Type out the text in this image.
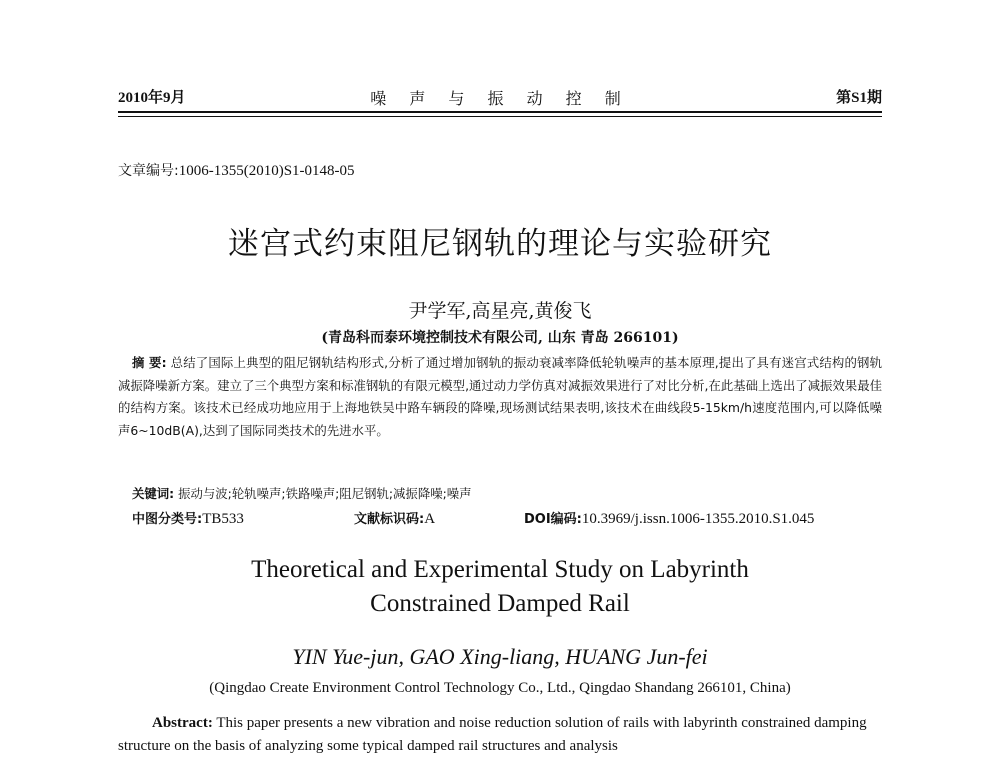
2010年9月	噪 声 与 振 动 控 制	第S1期
文章编号:1006-1355(2010)S1-0148-05
迷宫式约束阻尼钢轨的理论与实验研究
尹学军,高星亮,黄俊飞
(青岛科而泰环境控制技术有限公司, 山东 青岛 266101)
摘 要: 总结了国际上典型的阻尼钢轨结构形式,分析了通过增加钢轨的振动衰减率降低轮轨噪声的基本原理,提出了具有迷宫式结构的钢轨减振降噪新方案。建立了三个典型方案和标准钢轨的有限元模型,通过动力学仿真对减振效果进行了对比分析,在此基础上选出了减振效果最佳的结构方案。该技术已经成功地应用于上海地铁吴中路车辆段的降噪,现场测试结果表明,该技术在曲线段5-15km/h速度范围内,可以降低噪声6~10dB(A),达到了国际同类技术的先进水平。
关键词: 振动与波;轮轨噪声;铁路噪声;阻尼钢轨;减振降噪;噪声
中图分类号:TB533	文献标识码:A	DOI编码:10.3969/j.issn.1006-1355.2010.S1.045
Theoretical and Experimental Study on Labyrinth
Constrained Damped Rail
YIN Yue-jun, GAO Xing-liang, HUANG Jun-fei
(Qingdao Create Environment Control Technology Co., Ltd., Qingdao Shandang 266101, China)
Abstract: This paper presents a new vibration and noise reduction solution of rails with labyrinth constrained damping structure on the basis of analyzing some typical damped rail structures and analysis
